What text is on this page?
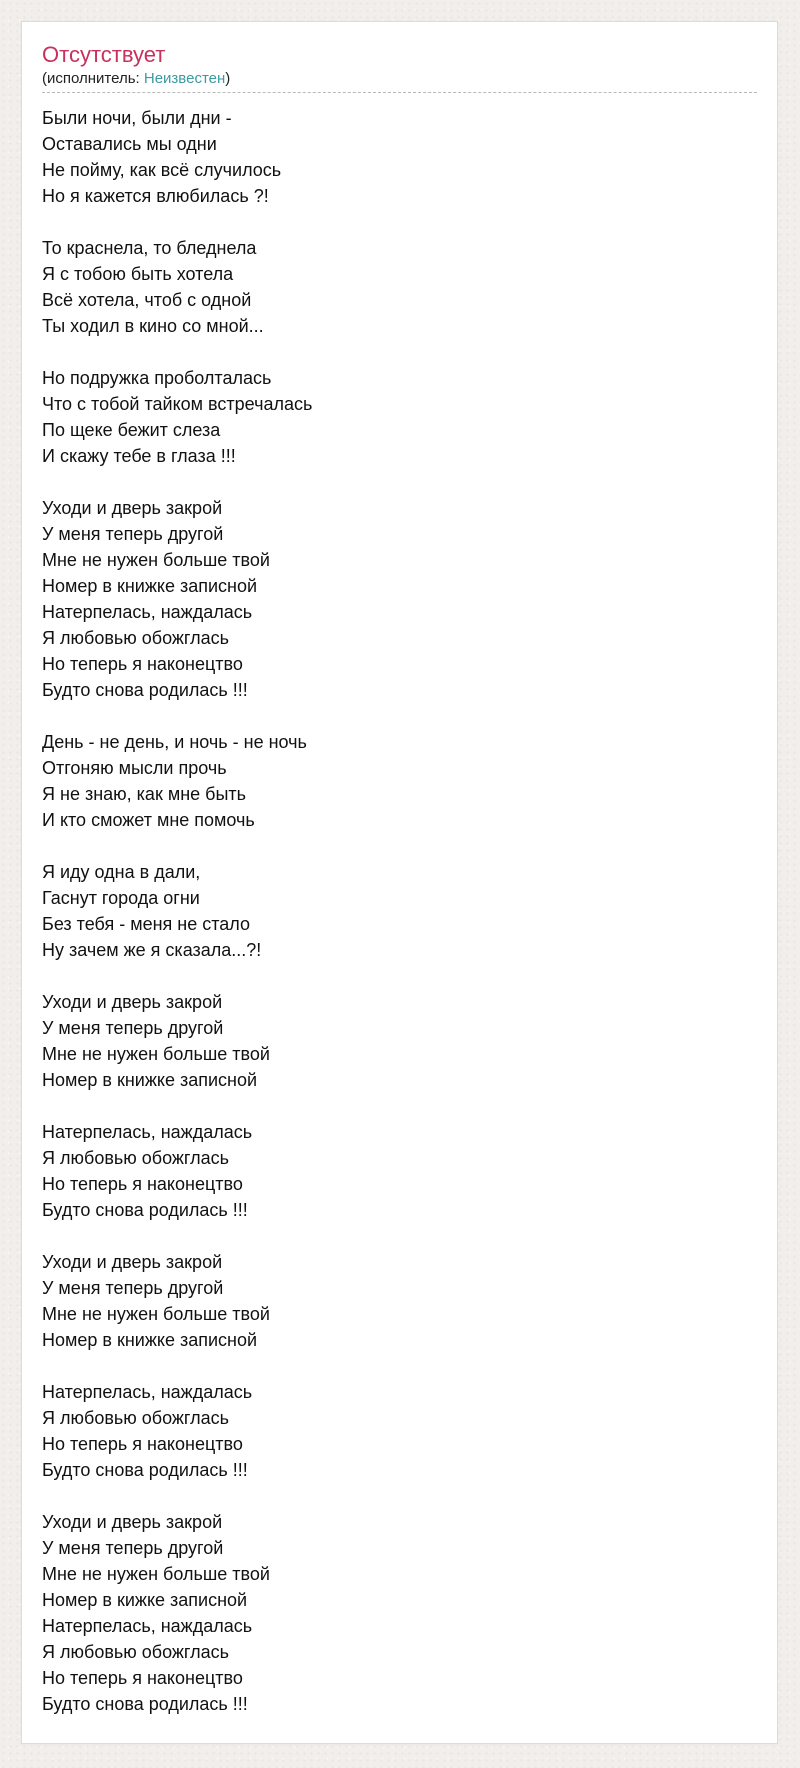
Отсутствует
(исполнитель: Неизвестен)
Были ночи, были дни -
Оставались мы одни
Не пойму, как всё случилось
Но я кажется влюбилась ?!
То краснела, то бледнела
Я с тобою быть хотела
Всё хотела, чтоб с одной
Ты ходил в кино со мной...
Но подружка проболталась
Что с тобой тайком встречалась
По щеке бежит слеза
И скажу тебе в глаза !!!
Уходи и дверь закрой
У меня теперь другой
Мне не нужен больше твой
Номер в книжке записной
Натерпелась, наждалась
Я любовью обожглась
Но теперь я наконецтво
Будто снова родилась !!!
День - не день, и ночь - не ночь
Отгоняю мысли прочь
Я не знаю, как мне быть
И кто сможет мне помочь
Я иду одна в дали,
Гаснут города огни
Без тебя - меня не стало
Ну зачем же я сказала...?!
Уходи и дверь закрой
У меня теперь другой
Мне не нужен больше твой
Номер в книжке записной
Натерпелась, наждалась
Я любовью обожглась
Но теперь я наконецтво
Будто снова родилась !!!
Уходи и дверь закрой
У меня теперь другой
Мне не нужен больше твой
Номер в книжке записной
Натерпелась, наждалась
Я любовью обожглась
Но теперь я наконецтво
Будто снова родилась !!!
Уходи и дверь закрой
У меня теперь другой
Мне не нужен больше твой
Номер в кижке записной
Натерпелась, наждалась
Я любовью обожглась
Но теперь я наконецтво
Будто снова родилась !!!
